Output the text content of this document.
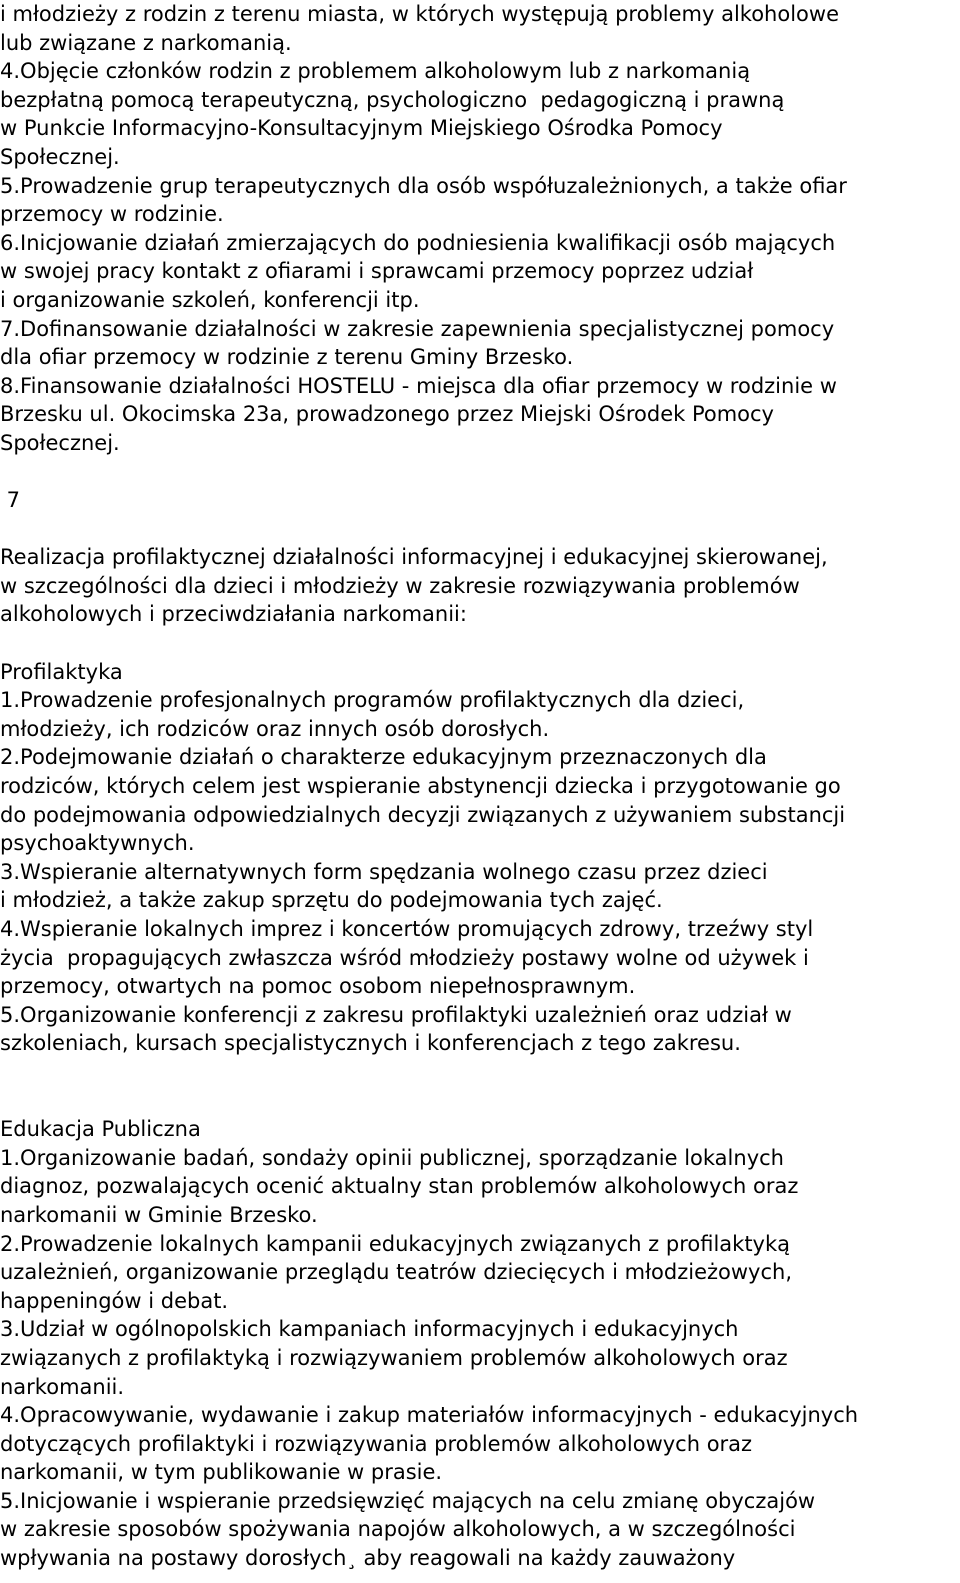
i młodzieży z rodzin z terenu miasta, w których występują problemy alkoholowe
lub związane z narkomanią.
4.Objęcie członków rodzin z problemem alkoholowym lub z narkomanią
bezpłatną pomocą terapeutyczną, psychologiczno  pedagogiczną i prawną
w Punkcie Informacyjno-Konsultacyjnym Miejskiego Ośrodka Pomocy
Społecznej.
5.Prowadzenie grup terapeutycznych dla osób współuzależnionych, a także ofiar
przemocy w rodzinie.
6.Inicjowanie działań zmierzających do podniesienia kwalifikacji osób mających
w swojej pracy kontakt z ofiarami i sprawcami przemocy poprzez udział
i organizowanie szkoleń, konferencji itp.
7.Dofinansowanie działalności w zakresie zapewnienia specjalistycznej pomocy
dla ofiar przemocy w rodzinie z terenu Gminy Brzesko.
8.Finansowanie działalności HOSTELU - miejsca dla ofiar przemocy w rodzinie w
Brzesku ul. Okocimska 23a, prowadzonego przez Miejski Ośrodek Pomocy
Społecznej.
7
Realizacja profilaktycznej działalności informacyjnej i edukacyjnej skierowanej,
w szczególności dla dzieci i młodzieży w zakresie rozwiązywania problemów
alkoholowych i przeciwdziałania narkomanii:
Profilaktyka
1.Prowadzenie profesjonalnych programów profilaktycznych dla dzieci,
młodzieży, ich rodziców oraz innych osób dorosłych.
2.Podejmowanie działań o charakterze edukacyjnym przeznaczonych dla
rodziców, których celem jest wspieranie abstynencji dziecka i przygotowanie go
do podejmowania odpowiedzialnych decyzji związanych z używaniem substancji
psychoaktywnych.
3.Wspieranie alternatywnych form spędzania wolnego czasu przez dzieci
i młodzież, a także zakup sprzętu do podejmowania tych zajęć.
4.Wspieranie lokalnych imprez i koncertów promujących zdrowy, trzeźwy styl
życia  propagujących zwłaszcza wśród młodzieży postawy wolne od używek i
przemocy, otwartych na pomoc osobom niepełnosprawnym.
5.Organizowanie konferencji z zakresu profilaktyki uzależnień oraz udział w
szkoleniach, kursach specjalistycznych i konferencjach z tego zakresu.
Edukacja Publiczna
1.Organizowanie badań, sondaży opinii publicznej, sporządzanie lokalnych
diagnoz, pozwalających ocenić aktualny stan problemów alkoholowych oraz
narkomanii w Gminie Brzesko.
2.Prowadzenie lokalnych kampanii edukacyjnych związanych z profilaktyką
uzależnień, organizowanie przeglądu teatrów dziecięcych i młodzieżowych,
happeningów i debat.
3.Udział w ogólnopolskich kampaniach informacyjnych i edukacyjnych
związanych z profilaktyką i rozwiązywaniem problemów alkoholowych oraz
narkomanii.
4.Opracowywanie, wydawanie i zakup materiałów informacyjnych - edukacyjnych
dotyczących profilaktyki i rozwiązywania problemów alkoholowych oraz
narkomanii, w tym publikowanie w prasie.
5.Inicjowanie i wspieranie przedsięwzięć mających na celu zmianę obyczajów
w zakresie sposobów spożywania napojów alkoholowych, a w szczególności
wpływania na postawy dorosłych¸ aby reagowali na każdy zauważony
